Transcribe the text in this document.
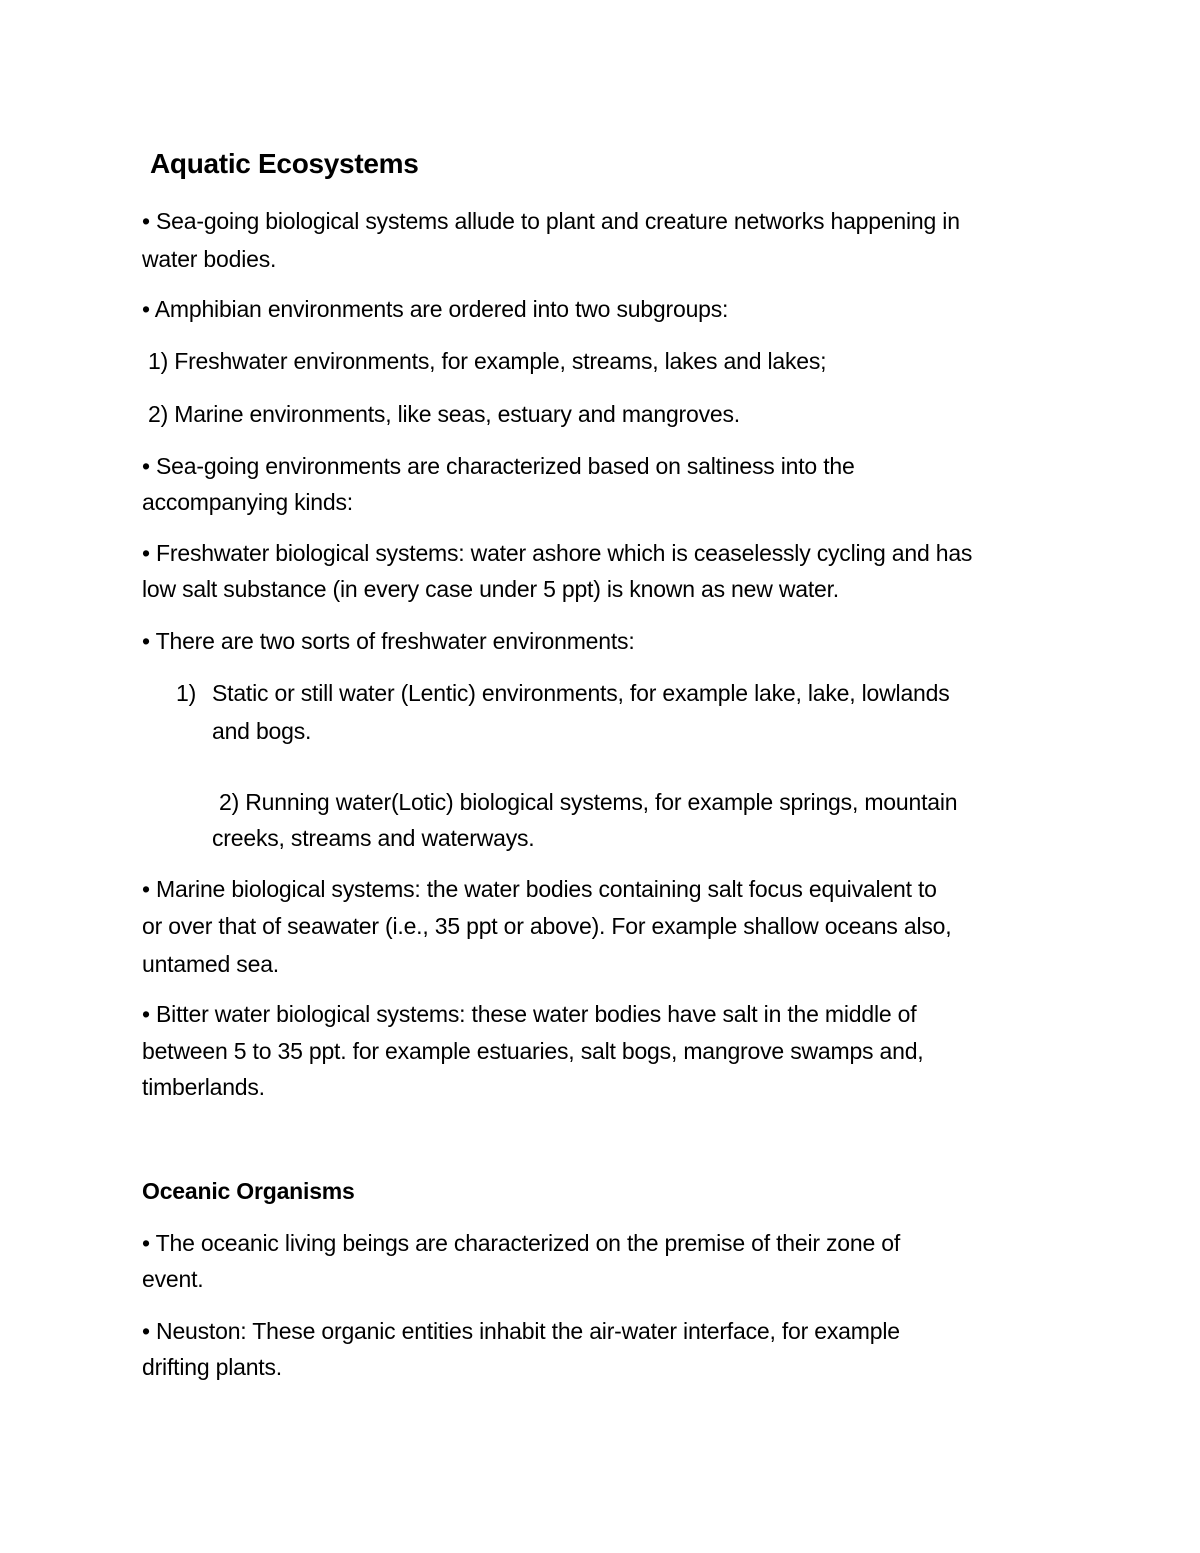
Aquatic Ecosystems

• Sea-going biological systems allude to plant and creature networks happening in

water bodies.

• Amphibian environments are ordered into two subgroups:

1) Freshwater environments, for example, streams, lakes and lakes;

2) Marine environments, like seas, estuary and mangroves.

• Sea-going environments are characterized based on saltiness into the

accompanying kinds:

• Freshwater biological systems: water ashore which is ceaselessly cycling and has

low salt substance (in every case under 5 ppt) is known as new water.

• There are two sorts of freshwater environments:

1) Static or still water (Lentic) environments, for example lake, lake, lowlands

and bogs.

2) Running water(Lotic) biological systems, for example springs, mountain

creeks, streams and waterways.

• Marine biological systems: the water bodies containing salt focus equivalent to

or over that of seawater (i.e., 35 ppt or above). For example shallow oceans also,

untamed sea.

• Bitter water biological systems: these water bodies have salt in the middle of

between 5 to 35 ppt. for example estuaries, salt bogs, mangrove swamps and,

timberlands.

Oceanic Organisms

• The oceanic living beings are characterized on the premise of their zone of

event.

• Neuston: These organic entities inhabit the air-water interface, for example

drifting plants.
